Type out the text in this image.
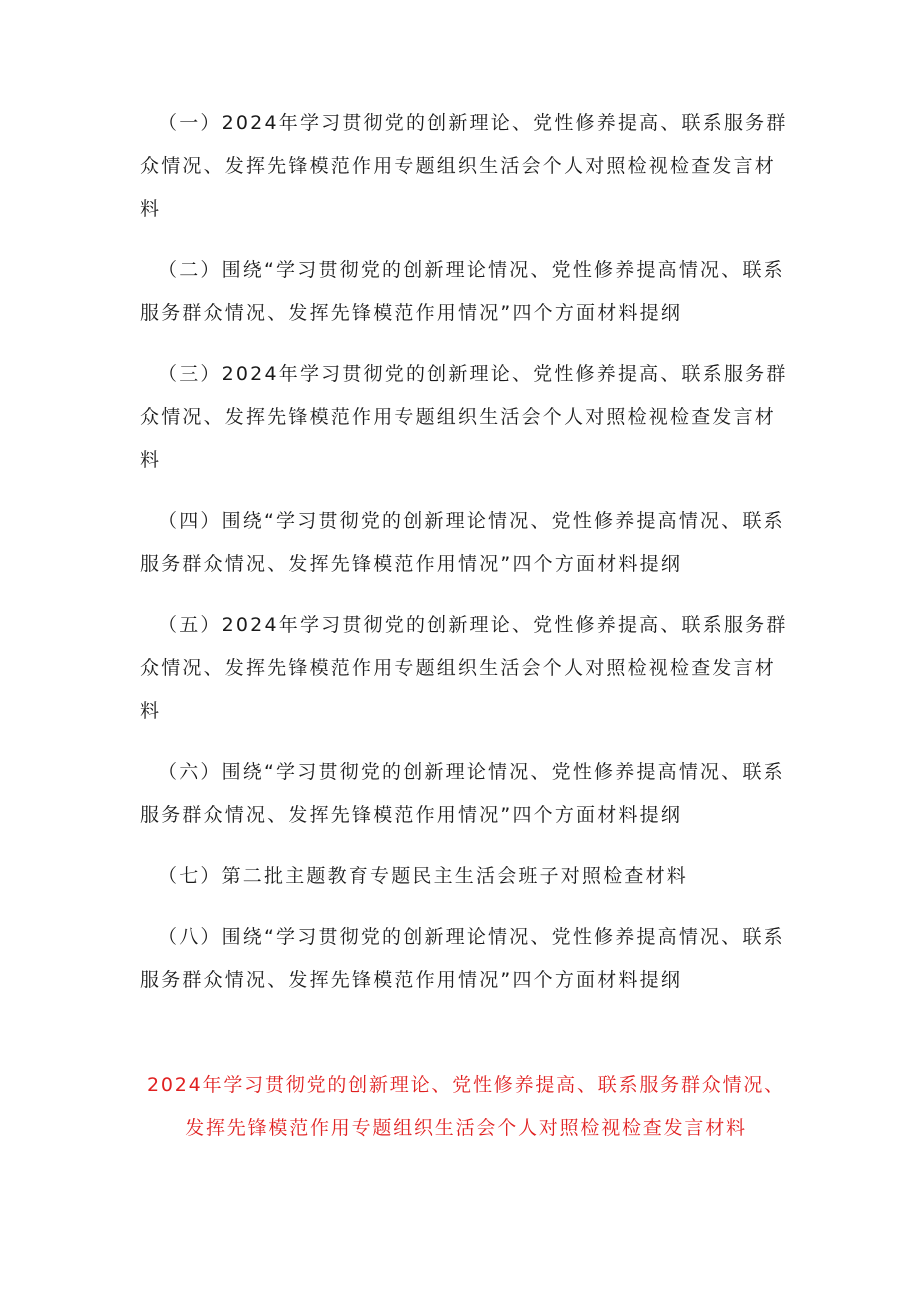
（一）2024年学习贯彻党的创新理论、党性修养提高、联系服务群众情况、发挥先锋模范作用专题组织生活会个人对照检视检查发言材料

（二）围绕“学习贯彻党的创新理论情况、党性修养提高情况、联系服务群众情况、发挥先锋模范作用情况”四个方面材料提纲

（三）2024年学习贯彻党的创新理论、党性修养提高、联系服务群众情况、发挥先锋模范作用专题组织生活会个人对照检视检查发言材料

（四）围绕“学习贯彻党的创新理论情况、党性修养提高情况、联系服务群众情况、发挥先锋模范作用情况”四个方面材料提纲

（五）2024年学习贯彻党的创新理论、党性修养提高、联系服务群众情况、发挥先锋模范作用专题组织生活会个人对照检视检查发言材料

（六）围绕“学习贯彻党的创新理论情况、党性修养提高情况、联系服务群众情况、发挥先锋模范作用情况”四个方面材料提纲

（七）第二批主题教育专题民主生活会班子对照检查材料

（八）围绕“学习贯彻党的创新理论情况、党性修养提高情况、联系服务群众情况、发挥先锋模范作用情况”四个方面材料提纲

2024年学习贯彻党的创新理论、党性修养提高、联系服务群众情况、发挥先锋模范作用专题组织生活会个人对照检视检查发言材料
